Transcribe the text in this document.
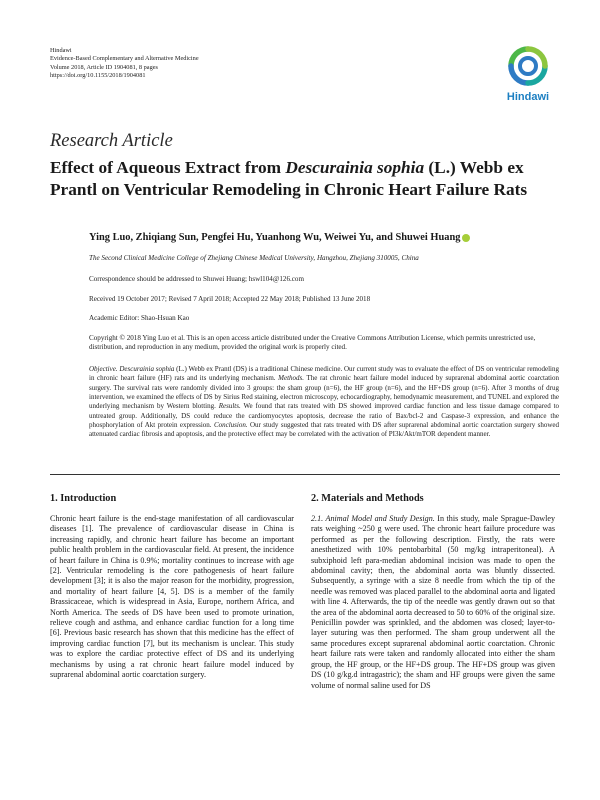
Hindawi
Evidence-Based Complementary and Alternative Medicine
Volume 2018, Article ID 1904081, 8 pages
https://doi.org/10.1155/2018/1904081
Hindawi
Research Article
Effect of Aqueous Extract from Descurainia sophia (L.) Webb ex Prantl on Ventricular Remodeling in Chronic Heart Failure Rats
Ying Luo, Zhiqiang Sun, Pengfei Hu, Yuanhong Wu, Weiwei Yu, and Shuwei Huang
The Second Clinical Medicine College of Zhejiang Chinese Medical University, Hangzhou, Zhejiang 310005, China
Correspondence should be addressed to Shuwei Huang; hswl104@126.com
Received 19 October 2017; Revised 7 April 2018; Accepted 22 May 2018; Published 13 June 2018
Academic Editor: Shao-Hsuan Kao
Copyright © 2018 Ying Luo et al. This is an open access article distributed under the Creative Commons Attribution License, which permits unrestricted use, distribution, and reproduction in any medium, provided the original work is properly cited.
Objective. Descurainia sophia (L.) Webb ex Prantl (DS) is a traditional Chinese medicine. Our current study was to evaluate the effect of DS on ventricular remodeling in chronic heart failure (HF) rats and its underlying mechanism. Methods. The rat chronic heart failure model induced by suprarenal abdominal aortic coarctation surgery. The survival rats were randomly divided into 3 groups: the sham group (n=6), the HF group (n=6), and the HF+DS group (n=6). After 3 months of drug intervention, we examined the effects of DS by Sirius Red staining, electron microscopy, echocardiography, hemodynamic measurement, and TUNEL and explored the underlying mechanism by Western blotting. Results. We found that rats treated with DS showed improved cardiac function and less tissue damage compared to untreated group. Additionally, DS could reduce the cardiomyocytes apoptosis, decrease the ratio of Bax/bcl-2 and Caspase-3 expression, and enhance the phosphorylation of Akt protein expression. Conclusion. Our study suggested that rats treated with DS after suprarenal abdominal aortic coarctation surgery showed attenuated cardiac fibrosis and apoptosis, and the protective effect may be correlated with the activation of PI3k/Akt/mTOR dependent manner.
1. Introduction
Chronic heart failure is the end-stage manifestation of all cardiovascular diseases [1]. The prevalence of cardiovascular disease in China is increasing rapidly, and chronic heart failure has become an important public health problem in the cardiovascular field. At present, the incidence of heart failure in China is 0.9%; mortality continues to increase with age [2]. Ventricular remodeling is the core pathogenesis of heart failure development [3]; it is also the major reason for the morbidity, progression, and mortality of heart failure [4, 5]. DS is a member of the family Brassicaceae, which is widespread in Asia, Europe, northern Africa, and North America. The seeds of DS have been used to promote urination, relieve cough and asthma, and enhance cardiac function for a long time [6]. Previous basic research has shown that this medicine has the effect of improving cardiac function [7], but its mechanism is unclear. This study was to explore the cardiac protective effect of DS and its underlying mechanisms by using a rat chronic heart failure model induced by suprarenal abdominal aortic coarctation surgery.
2. Materials and Methods
2.1. Animal Model and Study Design. In this study, male Sprague-Dawley rats weighing ~250 g were used. The chronic heart failure procedure was performed as per the following description. Firstly, the rats were anesthetized with 10% pentobarbital (50 mg/kg intraperitoneal). A subxiphoid left para-median abdominal incision was made to open the abdominal cavity; then, the abdominal aorta was bluntly dissected. Subsequently, a syringe with a size 8 needle from which the tip of the needle was removed was placed parallel to the abdominal aorta and ligated with line 4. Afterwards, the tip of the needle was gently drawn out so that the area of the abdominal aorta decreased to 50 to 60% of the original size. Penicillin powder was sprinkled, and the abdomen was closed; layer-to-layer suturing was then performed. The sham group underwent all the same procedures except suprarenal abdominal aortic coarctation. Chronic heart failure rats were taken and randomly allocated into either the sham group, the HF group, or the HF+DS group. The HF+DS group was given DS (10 g/kg.d intragastric); the sham and HF groups were given the same volume of normal saline used for DS
